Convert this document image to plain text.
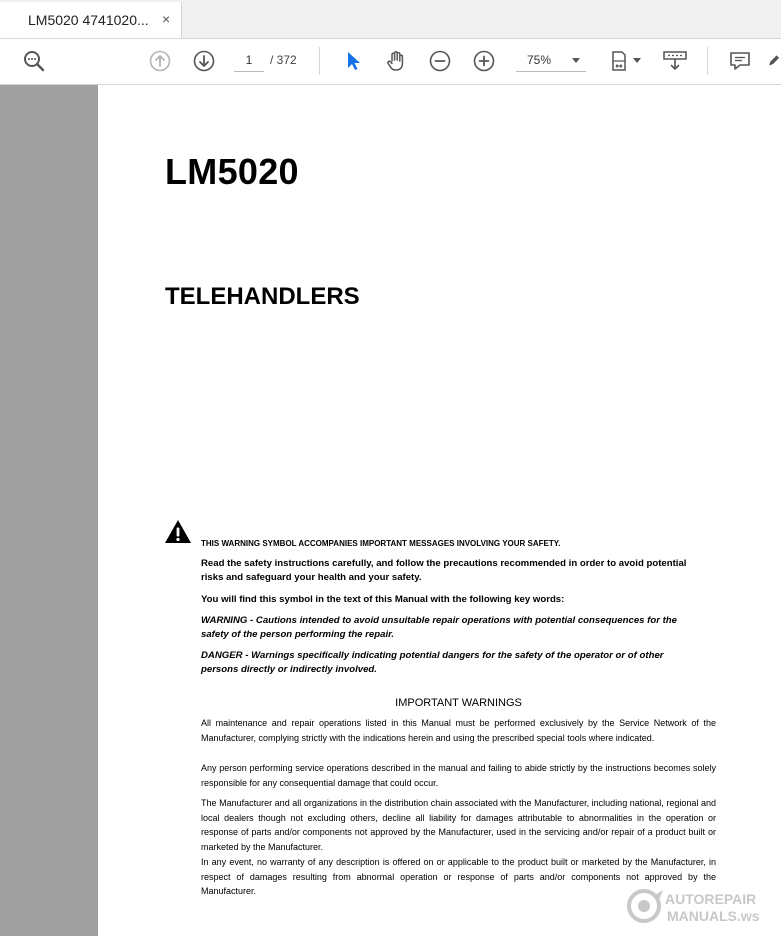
LM5020 4741020... ×
1
/ 372	75%
LM5020
TELEHANDLERS
THIS WARNING SYMBOL ACCOMPANIES IMPORTANT MESSAGES INVOLVING YOUR SAFETY.
Read the safety instructions carefully, and follow the precautions recommended in order to avoid potential risks and safeguard your health and your safety.
You will find this symbol in the text of this Manual with the following key words:
WARNING - Cautions intended to avoid unsuitable repair operations with potential consequences for the safety of the person performing the repair.
DANGER - Warnings specifically indicating potential dangers for the safety of the operator or of other persons directly or indirectly involved.
IMPORTANT WARNINGS
All maintenance and repair operations listed in this Manual must be performed exclusively by the Service Network of the Manufacturer, complying strictly with the indications herein and using the prescribed special tools where indicated.
Any person performing service operations described in the manual and failing to abide strictly by the instructions becomes solely responsible for any consequential damage that could occur.
The Manufacturer and all organizations in the distribution chain associated with the Manufacturer, including national, regional and local dealers though not excluding others, decline all liability for damages attributable to abnormalities in the operation or response of parts and/or components not approved by the Manufacturer, used in the servicing and/or repair of a product built or marketed by the Manufacturer.
In any event, no warranty of any description is offered on or applicable to the product built or marketed by the Manufacturer, in respect of damages resulting from abnormal operation or response of parts and/or components not approved by the Manufacturer.	AUTOREPAIR
MANUALS.ws
